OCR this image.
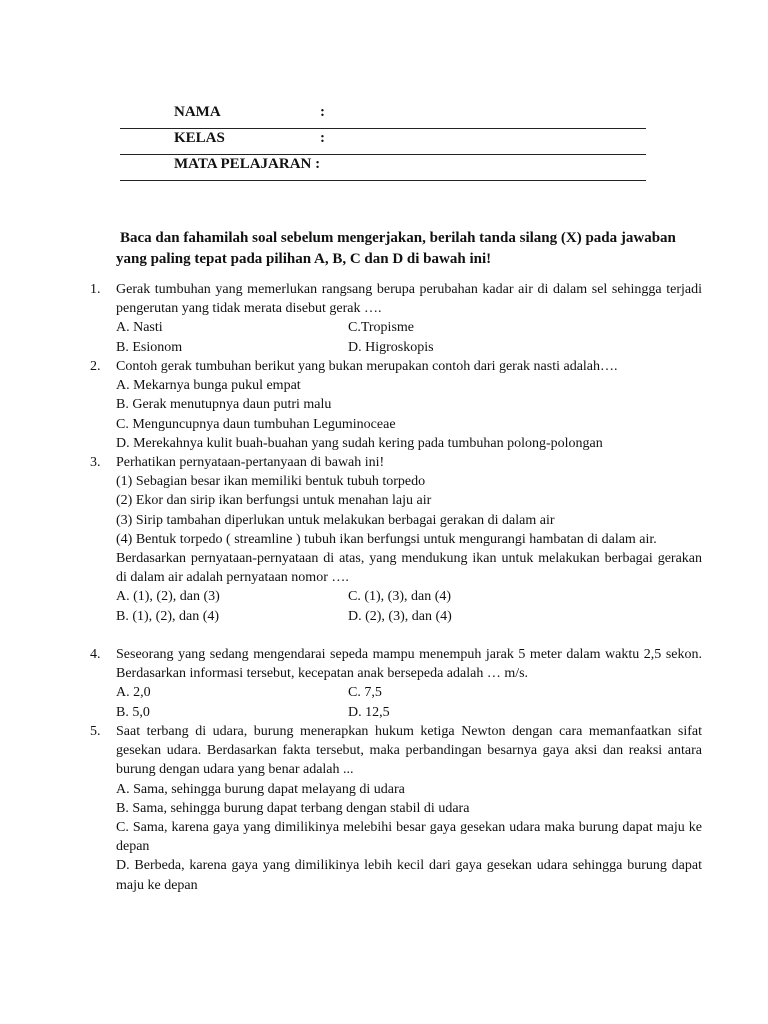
NAMA	:
KELAS	:
MATA PELAJARAN :
Baca dan fahamilah soal sebelum mengerjakan, berilah tanda silang (X) pada jawaban yang paling tepat pada pilihan A, B, C dan D di bawah ini!
1. Gerak tumbuhan yang memerlukan rangsang berupa perubahan kadar air di dalam sel sehingga terjadi pengerutan yang tidak merata disebut gerak ….
A. Nasti	C.Tropisme
B. Esionom	D. Higroskopis
2. Contoh gerak tumbuhan berikut yang bukan merupakan contoh dari gerak nasti adalah….
A. Mekarnya bunga pukul empat
B. Gerak menutupnya daun putri malu
C. Menguncupnya daun tumbuhan Leguminoceae
D. Merekahnya kulit buah-buahan yang sudah kering pada tumbuhan polong-polongan
3. Perhatikan pernyataan-pertanyaan di bawah ini!
(1) Sebagian besar ikan memiliki bentuk tubuh torpedo
(2) Ekor dan sirip ikan berfungsi untuk menahan laju air
(3) Sirip tambahan diperlukan untuk melakukan berbagai gerakan di dalam air
(4) Bentuk torpedo ( streamline ) tubuh ikan berfungsi untuk mengurangi hambatan di dalam air.
Berdasarkan pernyataan-pernyataan di atas, yang mendukung ikan untuk melakukan berbagai gerakan di dalam air adalah pernyataan nomor ….
A. (1), (2), dan (3)	C. (1), (3), dan (4)
B. (1), (2), dan (4)	D. (2), (3), dan (4)
4. Seseorang yang sedang mengendarai sepeda mampu menempuh jarak 5 meter dalam waktu 2,5 sekon. Berdasarkan informasi tersebut, kecepatan anak bersepeda adalah … m/s.
A. 2,0	C. 7,5
B. 5,0	D. 12,5
5. Saat terbang di udara, burung menerapkan hukum ketiga Newton dengan cara memanfaatkan sifat gesekan udara. Berdasarkan fakta tersebut, maka perbandingan besarnya gaya aksi dan reaksi antara burung dengan udara yang benar adalah ...
A. Sama, sehingga burung dapat melayang di udara
B. Sama, sehingga burung dapat terbang dengan stabil di udara
C. Sama, karena gaya yang dimilikinya melebihi besar gaya gesekan udara maka burung dapat maju ke depan
D. Berbeda, karena gaya yang dimilikinya lebih kecil dari gaya gesekan udara sehingga burung dapat maju ke depan
